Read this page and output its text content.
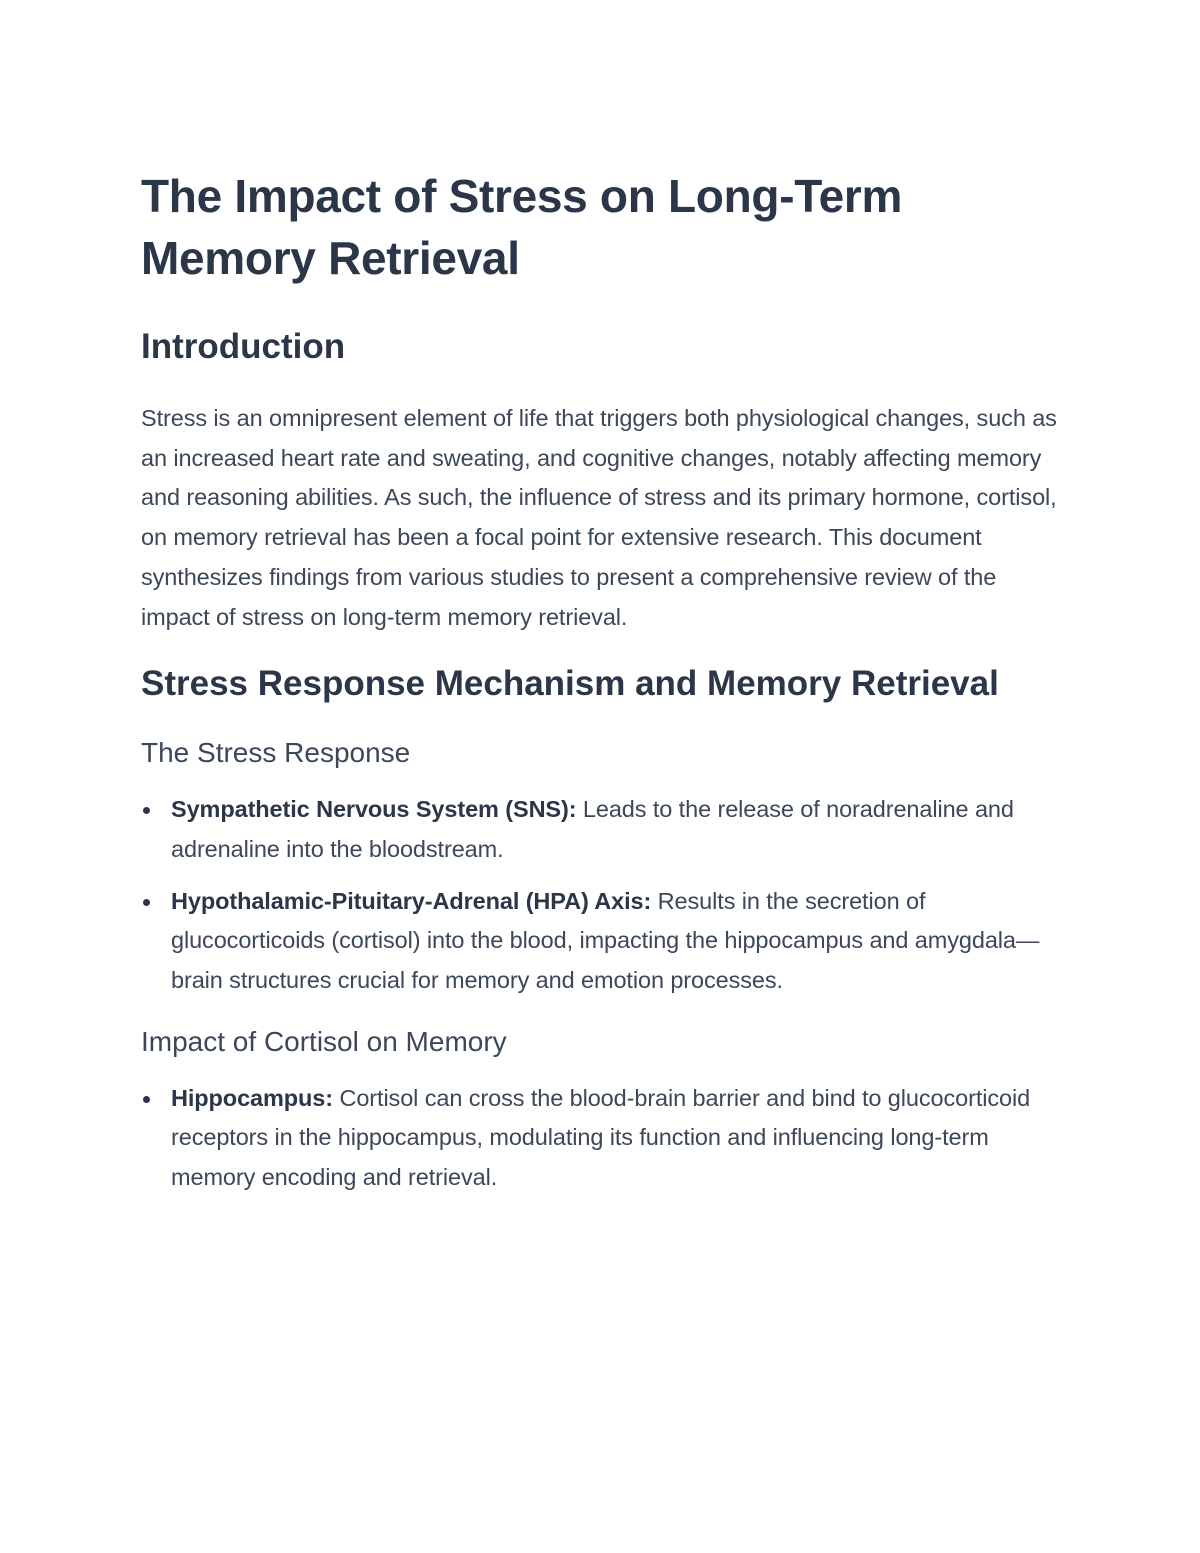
The Impact of Stress on Long-Term Memory Retrieval
Introduction

Stress is an omnipresent element of life that triggers both physiological changes, such as an increased heart rate and sweating, and cognitive changes, notably affecting memory and reasoning abilities. As such, the influence of stress and its primary hormone, cortisol, on memory retrieval has been a focal point for extensive research. This document synthesizes findings from various studies to present a comprehensive review of the impact of stress on long-term memory retrieval.

Stress Response Mechanism and Memory Retrieval
The Stress Response
Sympathetic Nervous System (SNS): Leads to the release of noradrenaline and adrenaline into the bloodstream.
Hypothalamic-Pituitary-Adrenal (HPA) Axis: Results in the secretion of glucocorticoids (cortisol) into the blood, impacting the hippocampus and amygdala—brain structures crucial for memory and emotion processes.
Impact of Cortisol on Memory
Hippocampus: Cortisol can cross the blood-brain barrier and bind to glucocorticoid receptors in the hippocampus, modulating its function and influencing long-term memory encoding and retrieval.
